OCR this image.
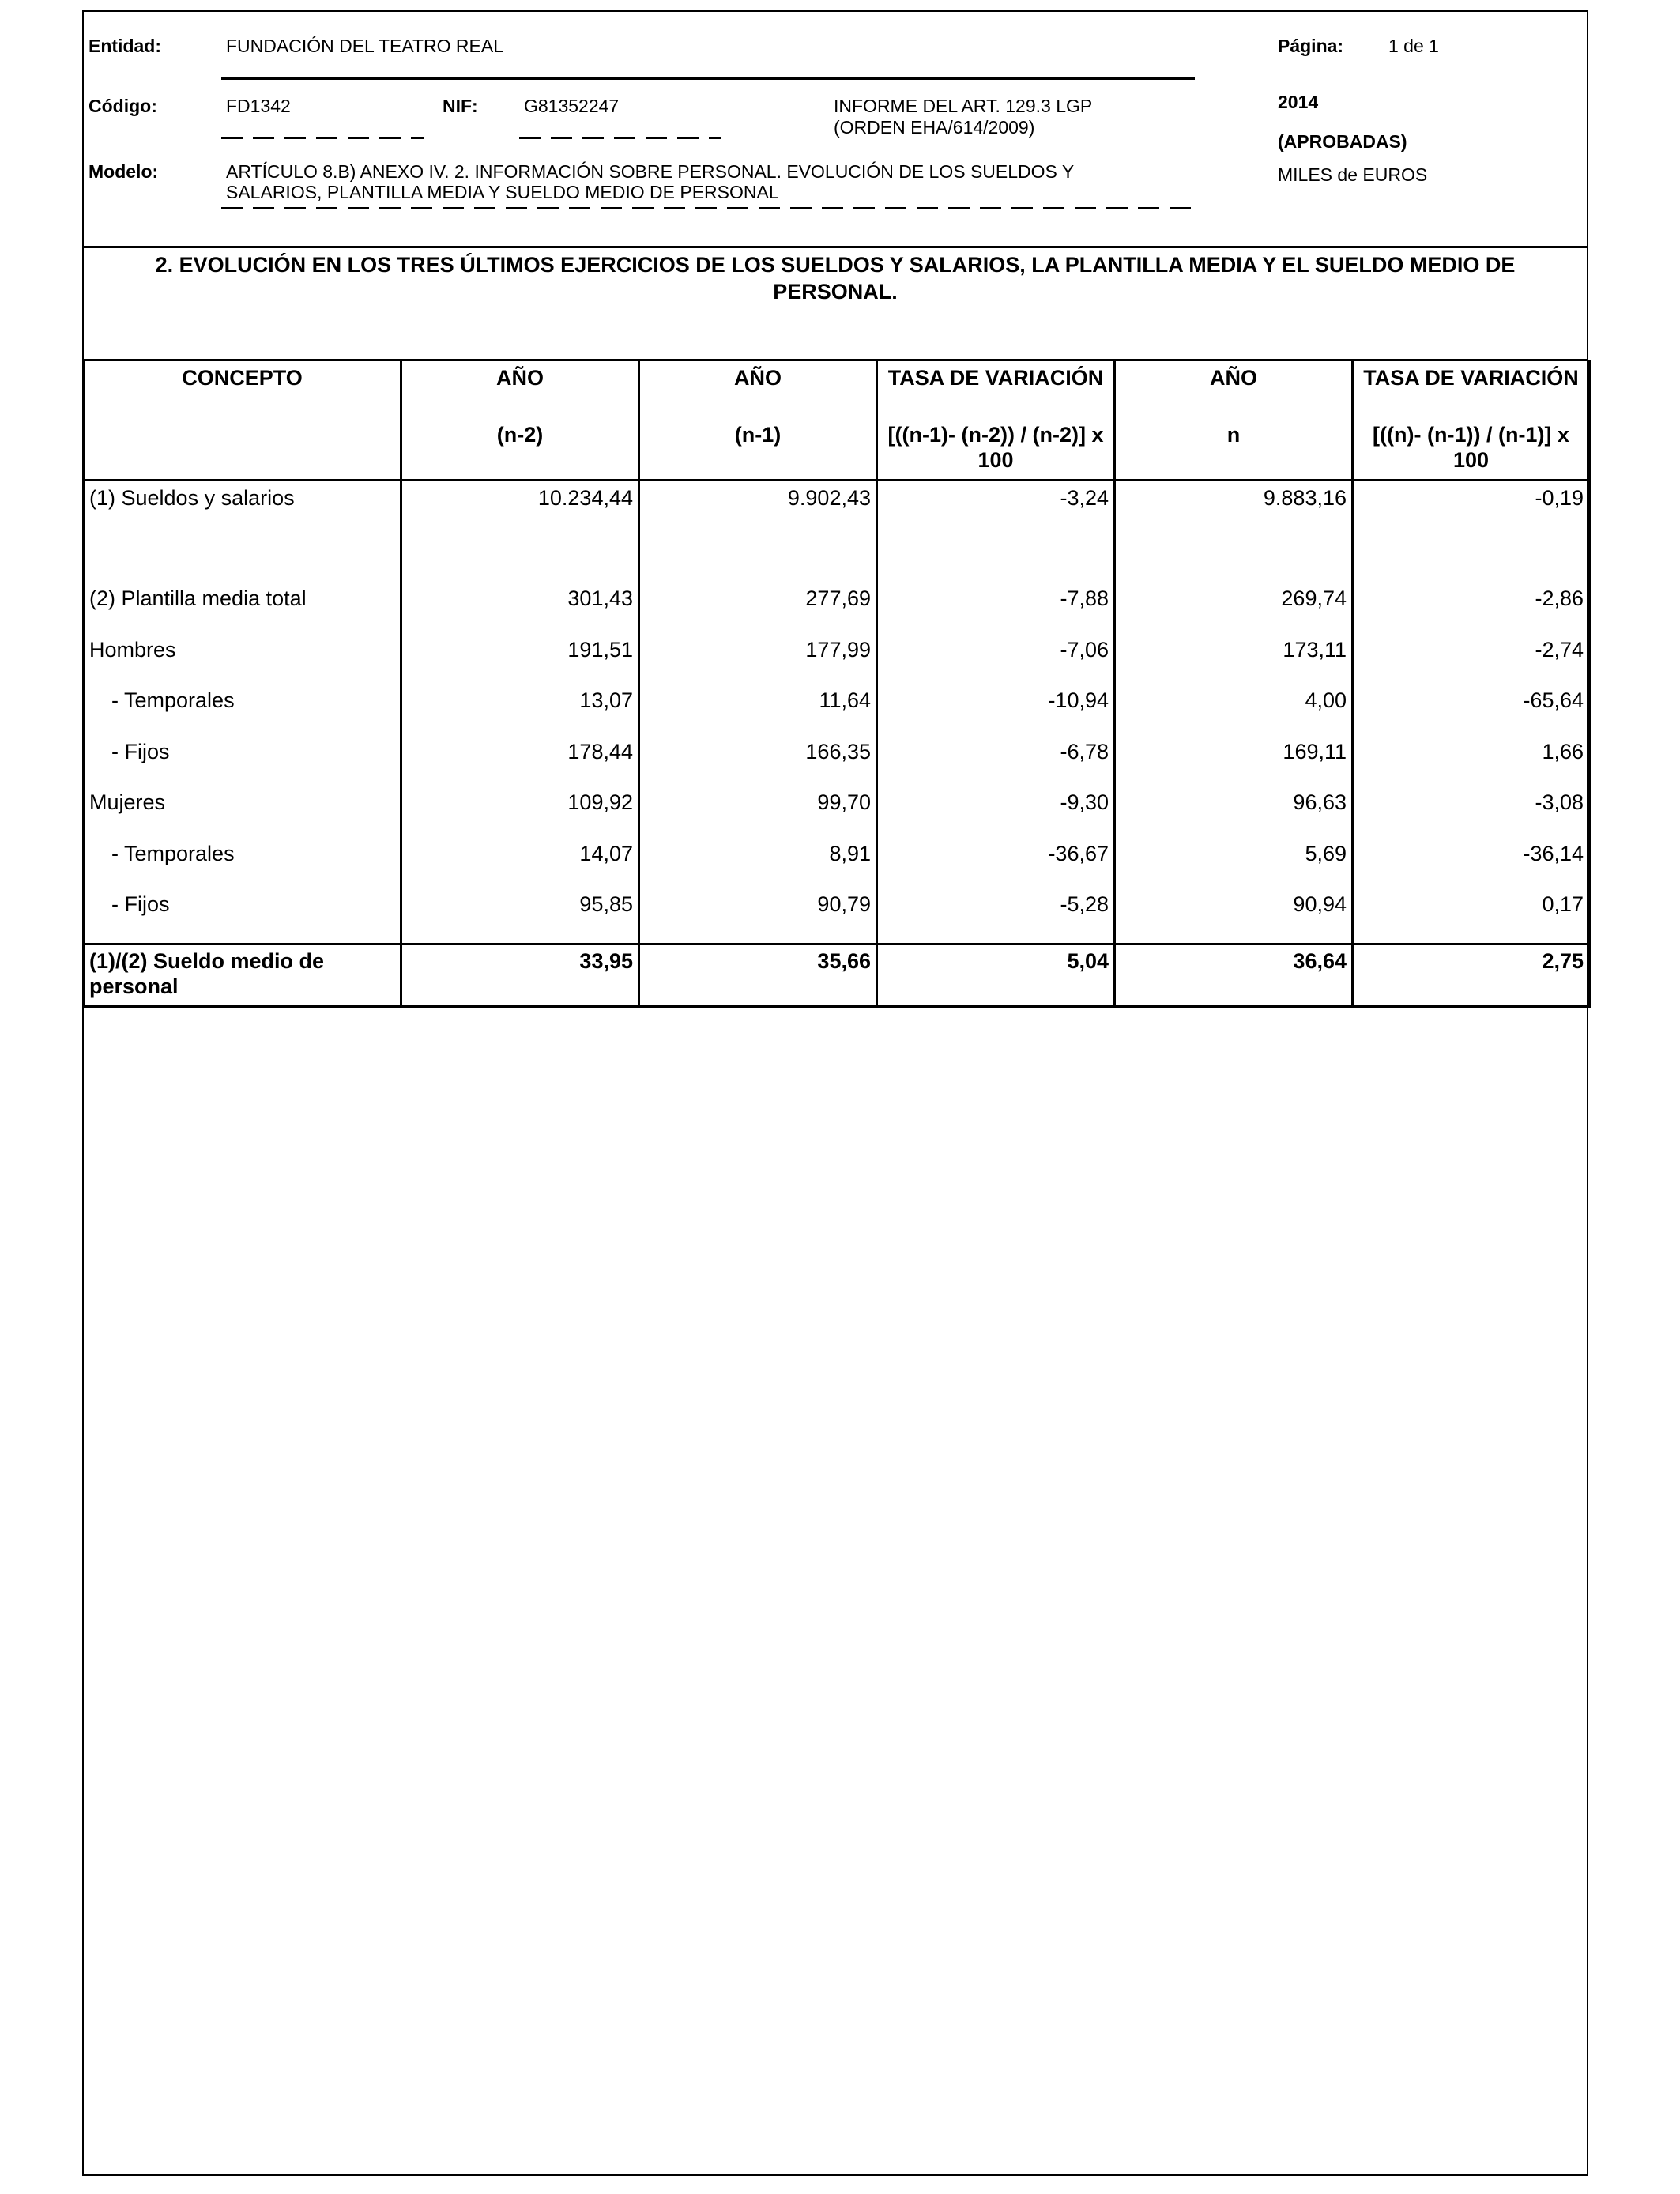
Entidad:	FUNDACIÓN DEL TEATRO REAL	Página: 1 de 1
Código:	FD1342	NIF:	G81352247	INFORME DEL ART. 129.3 LGP
(ORDEN EHA/614/2009)
2014
(APROBADAS)
MILES de EUROS
Modelo:	ARTÍCULO 8.B) ANEXO IV. 2. INFORMACIÓN SOBRE PERSONAL. EVOLUCIÓN DE LOS SUELDOS Y
SALARIOS, PLANTILLA MEDIA Y SUELDO MEDIO DE PERSONAL
2. EVOLUCIÓN EN LOS TRES ÚLTIMOS EJERCICIOS DE LOS SUELDOS Y SALARIOS, LA PLANTILLA MEDIA Y EL SUELDO MEDIO DE PERSONAL.
CONCEPTO	AÑO	AÑO	TASA DE VARIACIÓN	AÑO	TASA DE VARIACIÓN
	(n-2)	(n-1)	[((n-1)- (n-2)) / (n-2)] x 100	n	[((n)- (n-1)) / (n-1)] x 100
(1) Sueldos y salarios	10.234,44	9.902,43	-3,24	9.883,16	-0,19
(2) Plantilla media total	301,43	277,69	-7,88	269,74	-2,86
Hombres	191,51	177,99	-7,06	173,11	-2,74
- Temporales	13,07	11,64	-10,94	4,00	-65,64
- Fijos	178,44	166,35	-6,78	169,11	1,66
Mujeres	109,92	99,70	-9,30	96,63	-3,08
- Temporales	14,07	8,91	-36,67	5,69	-36,14
- Fijos	95,85	90,79	-5,28	90,94	0,17
(1)/(2) Sueldo medio de personal	33,95	35,66	5,04	36,64	2,75
